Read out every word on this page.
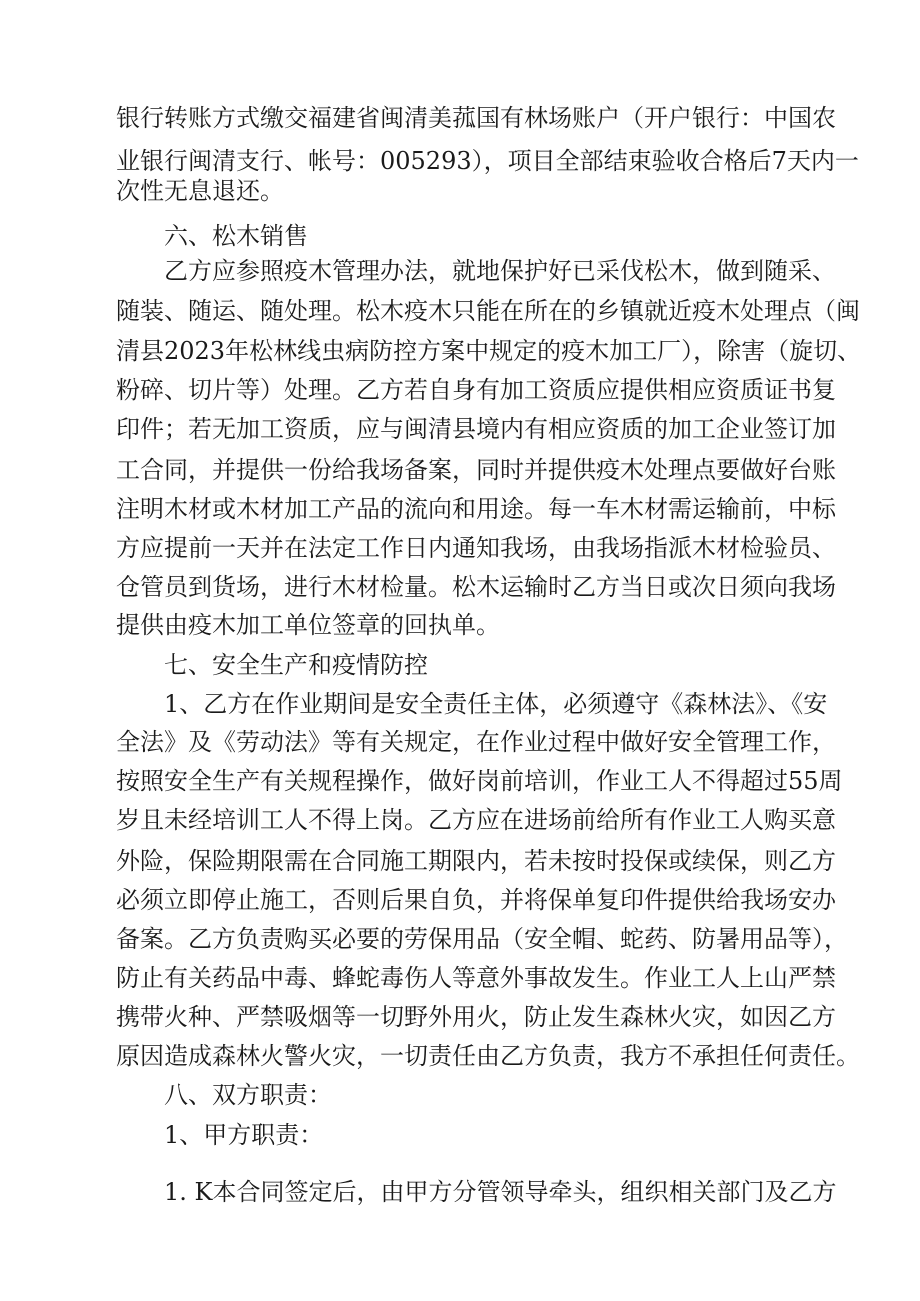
银行转账方式缴交福建省闽清美菰国有林场账户（开户银行：中国农
业银行闽清支行、帐号：005293），项目全部结束验收合格后7天内一
次性无息退还。
六、松木销售
乙方应参照疫木管理办法，就地保护好已采伐松木，做到随采、
随装、随运、随处理。松木疫木只能在所在的乡镇就近疫木处理点（闽
清县2023年松林线虫病防控方案中规定的疫木加工厂），除害（旋切、
粉碎、切片等）处理。乙方若自身有加工资质应提供相应资质证书复
印件；若无加工资质，应与闽清县境内有相应资质的加工企业签订加
工合同，并提供一份给我场备案，同时并提供疫木处理点要做好台账
注明木材或木材加工产品的流向和用途。每一车木材需运输前，中标
方应提前一天并在法定工作日内通知我场，由我场指派木材检验员、
仓管员到货场，进行木材检量。松木运输时乙方当日或次日须向我场
提供由疫木加工单位签章的回执单。
七、安全生产和疫情防控
1、乙方在作业期间是安全责任主体，必须遵守《森林法》、《安
全法》及《劳动法》等有关规定，在作业过程中做好安全管理工作，
按照安全生产有关规程操作，做好岗前培训，作业工人不得超过55周
岁且未经培训工人不得上岗。乙方应在进场前给所有作业工人购买意
外险，保险期限需在合同施工期限内，若未按时投保或续保，则乙方
必须立即停止施工，否则后果自负，并将保单复印件提供给我场安办
备案。乙方负责购买必要的劳保用品（安全帽、蛇药、防暑用品等），
防止有关药品中毒、蜂蛇毒伤人等意外事故发生。作业工人上山严禁
携带火种、严禁吸烟等一切野外用火，防止发生森林火灾，如因乙方
原因造成森林火警火灾，一切责任由乙方负责，我方不承担任何责任。
八、双方职责：
1、甲方职责：
1. K本合同签定后，由甲方分管领导牵头，组织相关部门及乙方
